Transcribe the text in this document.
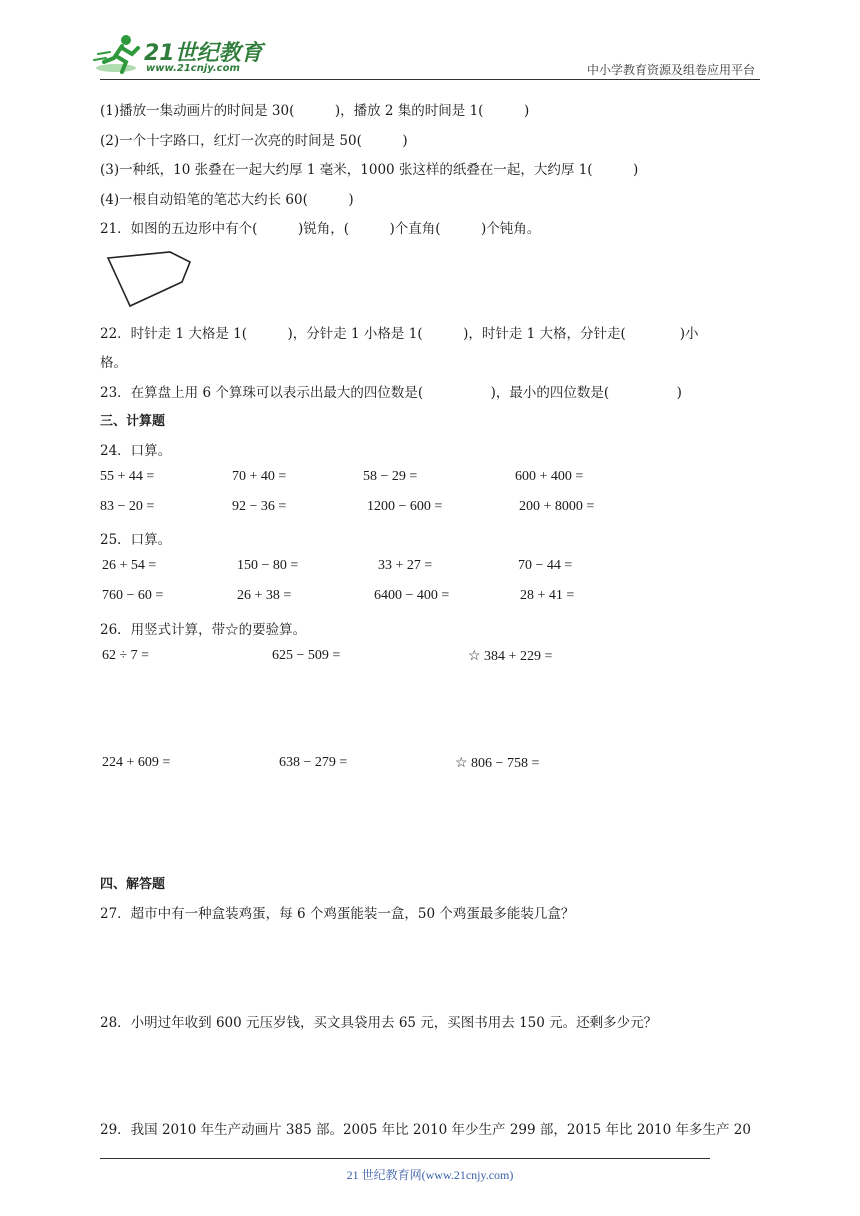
21世纪教育
www.21cnjy.com	中小学教育资源及组卷应用平台
(1)播放一集动画片的时间是 30(　　　)，播放 2 集的时间是 1(　　　)
(2)一个十字路口，红灯一次亮的时间是 50(　　　)
(3)一种纸，10 张叠在一起大约厚 1 毫米，1000 张这样的纸叠在一起，大约厚 1(　　　)
(4)一根自动铅笔的笔芯大约长 60(　　　)
21．如图的五边形中有个(　　　)锐角，(　　　)个直角(　　　)个钝角。
22．时针走 1 大格是 1(　　　)，分针走 1 小格是 1(　　　)，时针走 1 大格，分针走(　　　　)小
格。
23．在算盘上用 6 个算珠可以表示出最大的四位数是(　　　　　)，最小的四位数是(　　　　　)
三、计算题
24．口算。
55 + 44 =	70 + 40 =	58 − 29 =	600 + 400 =
83 − 20 =	92 − 36 =	1200 − 600 =	200 + 8000 =
25．口算。
26 + 54 =	150 − 80 =	33 + 27 =	70 − 44 =
760 − 60 =	26 + 38 =	6400 − 400 =	28 + 41 =
26．用竖式计算，带☆的要验算。
62 ÷ 7 =	625 − 509 =	☆ 384 + 229 =
224 + 609 =	638 − 279 =	☆ 806 − 758 =
四、解答题
27．超市中有一种盒装鸡蛋，每 6 个鸡蛋能装一盒，50 个鸡蛋最多能装几盒？
28．小明过年收到 600 元压岁钱，买文具袋用去 65 元，买图书用去 150 元。还剩多少元？
29．我国 2010 年生产动画片 385 部。2005 年比 2010 年少生产 299 部，2015 年比 2010 年多生产 20
21 世纪教育网(www.21cnjy.com)
